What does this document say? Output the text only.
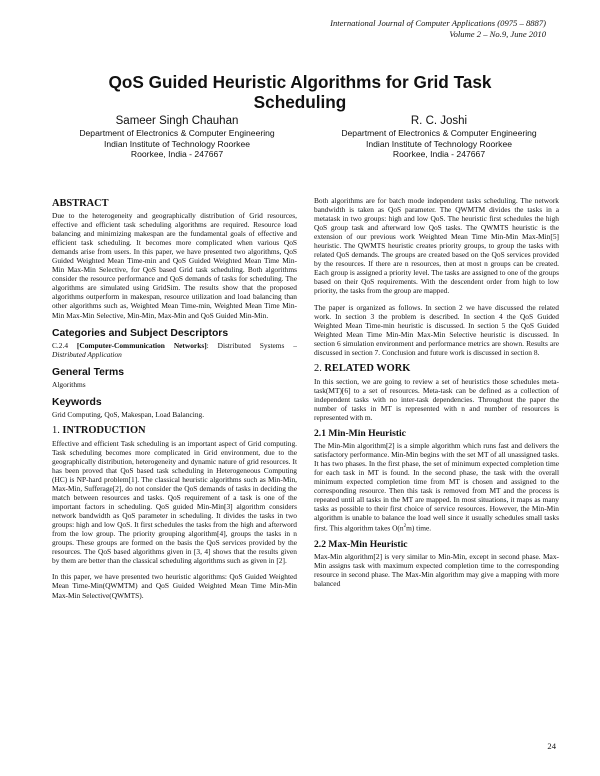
International Journal of Computer Applications (0975 – 8887)
Volume 2 – No.9, June 2010
QoS Guided Heuristic Algorithms for Grid Task
Scheduling
Sameer Singh Chauhan
Department of Electronics & Computer Engineering
Indian Institute of Technology Roorkee
Roorkee, India - 247667
R. C. Joshi
Department of Electronics & Computer Engineering
Indian Institute of Technology Roorkee
Roorkee, India - 247667
ABSTRACT

Due to the heterogeneity and geographically distribution of Grid resources, effective and efficient task scheduling algorithms are required. Resource load balancing and minimizing makespan are the fundamental goals of effective and efficient task scheduling. It becomes more complicated when various QoS demands arise from users. In this paper, we have presented two algorithms, QoS Guided Weighted Mean Time-min and QoS Guided Weighted Mean Time Min-Min Max-Min Selective, for QoS based Grid task scheduling. Both algorithms consider the resource performance and QoS demands of tasks for scheduling. The algorithms are simulated using GridSim. The results show that the proposed algorithms outperform in makespan, resource utilization and load balancing than other algorithms such as, Weighted Mean Time-min, Weighted Mean Time Min-Min Max-Min Selective, Min-Min, Max-Min and QoS Guided Min-Min.

Categories and Subject Descriptors

C.2.4 [Computer-Communication Networks]: Distributed Systems – Distributed Application

General Terms

Algorithms

Keywords

Grid Computing, QoS, Makespan, Load Balancing.

1. INTRODUCTION

Effective and efficient Task scheduling is an important aspect of Grid computing. Task scheduling becomes more complicated in Grid environment, due to the geographically distribution, heterogeneity and dynamic nature of grid resources. It has been proved that QoS based task scheduling in Heterogeneous Computing (HC) is NP-hard problem[1]. The classical heuristic algorithms such as Min-Min, Max-Min, Sufferage[2], do not consider the QoS demands of tasks in deciding the match between resources and tasks. QoS requirement of a task is one of the important factors in scheduling. QoS guided Min-Min[3] algorithm considers network bandwidth as QoS parameter in scheduling. It divides the tasks in two groups: high and low QoS. It first schedules the tasks from the high and afterword from the low group. The priority grouping algorithm[4], groups the tasks in n groups. These groups are formed on the basis the QoS services provided by the resources. The QoS based algorithms given in [3, 4] shows that the results given by them are better than the classical scheduling algorithms such as given in [2].

In this paper, we have presented two heuristic algorithms: QoS Guided Weighted Mean Time-Min(QWMTM) and QoS Guided Weighted Mean Time Min-Min Max-Min Selective(QWMTS).

Both algorithms are for batch mode independent tasks scheduling. The network bandwidth is taken as QoS parameter. The QWMTM divides the tasks in a metatask in two groups: high and low QoS. The heuristic first schedules the high QoS group task and afterward low QoS tasks. The QWMTS heuristic is the extension of our previous work Weighted Mean Time Min-Min Max-Min[5] heuristic. The QWMTS heuristic creates priority groups, to group the tasks with related QoS demands. The groups are created based on the QoS services provided by the resources. If there are n resources, then at most n groups can be created. Each group is assigned a priority level. The tasks are assigned to one of the groups based on their QoS requirements. With the descendent order from high to low priority, the tasks from the group are mapped.

The paper is organized as follows. In section 2 we have discussed the related work. In section 3 the problem is described. In section 4 the QoS Guided Weighted Mean Time-min heuristic is discussed. In section 5 the QoS Guided Weighted Mean Time Min-Min Max-Min Selective heuristic is discussed. In section 6 simulation environment and performance metrics are shown. Results are discussed in section 7. Conclusion and future work is discussed in section 8.

2. RELATED WORK

In this section, we are going to review a set of heuristics those schedules meta-task(MT)[6] to a set of resources. Meta-task can be defined as a collection of independent tasks with no inter-task dependencies. Throughout the paper the number of tasks in MT is represented with n and number of resources is represented with m.

2.1 Min-Min Heuristic

The Min-Min algorithm[2] is a simple algorithm which runs fast and delivers the satisfactory performance. Min-Min begins with the set MT of all unassigned tasks. It has two phases. In the first phase, the set of minimum expected completion time for each task in MT is found. In the second phase, the task with the overall minimum expected completion time from MT is chosen and assigned to the corresponding resource. Then this task is removed from MT and the process is repeated until all tasks in the MT are mapped. In most situations, it maps as many tasks as possible to their first choice of service resources. However, the Min-Min algorithm is unable to balance the load well since it usually schedules small tasks first. This algorithm takes $O(n^2m)$ time.

2.2 Max-Min Heuristic

Max-Min algorithm[2] is very similar to Min-Min, except in second phase. Max-Min assigns task with maximum expected completion time to the corresponding resource in second phase. The Max-Min algorithm may give a mapping with more balanced

24
